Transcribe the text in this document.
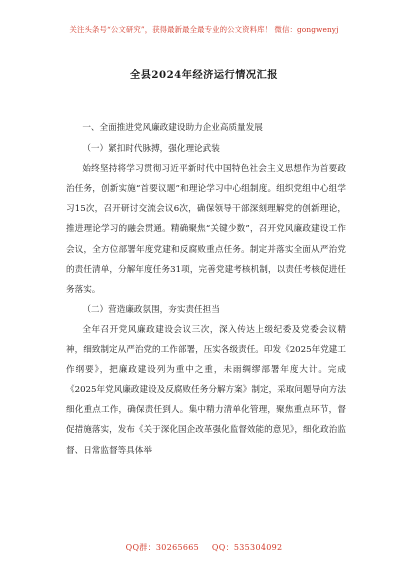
关注头条号“公文研究”，获得最新最全最专业的公文资料库！ 微信：gongwenyj
全县2024年经济运行情况汇报

一、全面推进党风廉政建设助力企业高质量发展

（一）紧扣时代脉搏，强化理论武装

始终坚持将学习贯彻习近平新时代中国特色社会主义思想作为首要政治任务，创新实施“首要议题”和理论学习中心组制度。组织党组中心组学习15次，召开研讨交流会议6次，确保领导干部深刻理解党的创新理论，推进理论学习的融会贯通。精确聚焦“关键少数”，召开党风廉政建设工作会议，全方位部署年度党建和反腐败重点任务。制定并落实全面从严治党的责任清单，分解年度任务31项，完善党建考核机制，以责任考核促进任务落实。

（二）营造廉政氛围，夯实责任担当

全年召开党风廉政建设会议三次，深入传达上级纪委及党委会议精神，细致制定从严治党的工作部署，压实各级责任。印发《2025年党建工作纲要》，把廉政建设列为重中之重，未雨绸缪部署年度大计。完成《2025年党风廉政建设及反腐败任务分解方案》制定，采取问题导向方法细化重点工作，确保责任到人。集中精力清单化管理，聚焦重点环节，督促措施落实，发布《关于深化国企改革强化监督效能的意见》，细化政治监督、日常监督等具体举

QQ群：30265665 QQ：535304092
